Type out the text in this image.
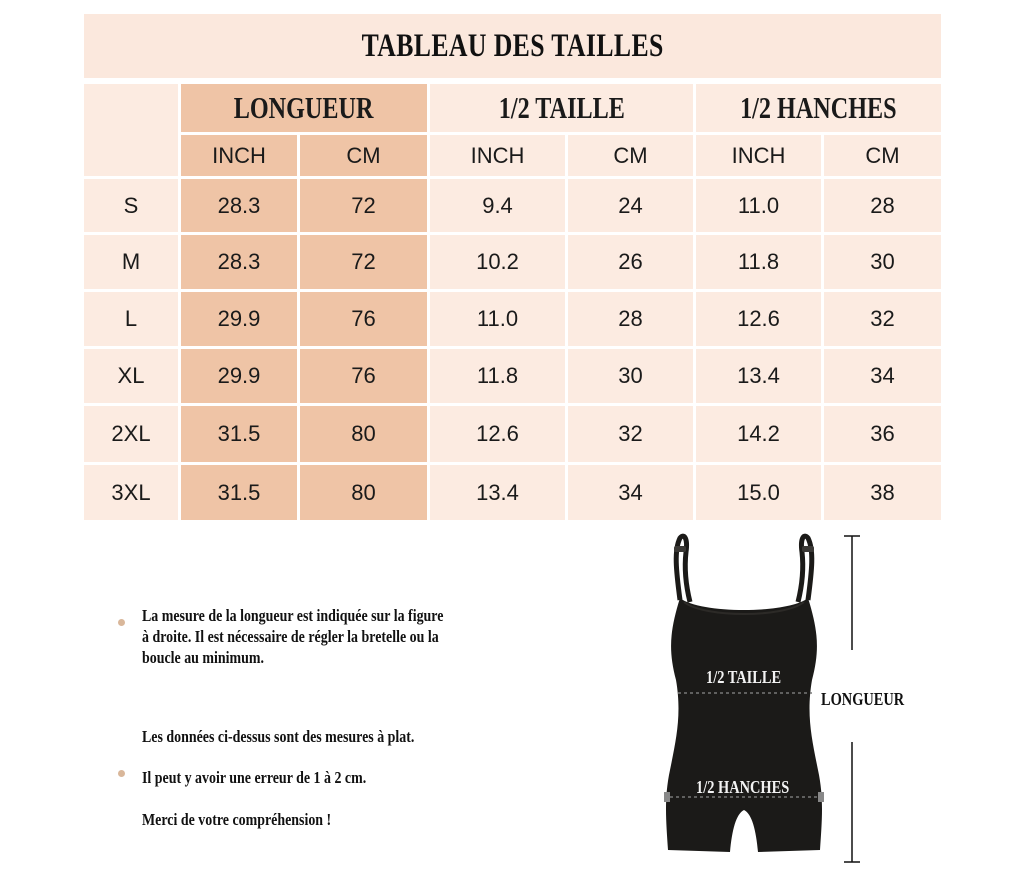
TABLEAU DES TAILLES
LONGUEUR	1/2 TAILLE	1/2 HANCHES
INCH	CM	INCH	CM	INCH	CM
S	28.3	72	9.4	24	11.0	28
M	28.3	72	10.2	26	11.8	30
L	29.9	76	11.0	28	12.6	32
XL	29.9	76	11.8	30	13.4	34
2XL	31.5	80	12.6	32	14.2	36
3XL	31.5	80	13.4	34	15.0	38
La mesure de la longueur est indiquée sur la figure
à droite. Il est nécessaire de régler la bretelle ou la
boucle au minimum.
Les données ci-dessus sont des mesures à plat.
Il peut y avoir une erreur de 1 à 2 cm.
Merci de votre compréhension !
1/2 TAILLE
1/2 HANCHES
LONGUEUR
